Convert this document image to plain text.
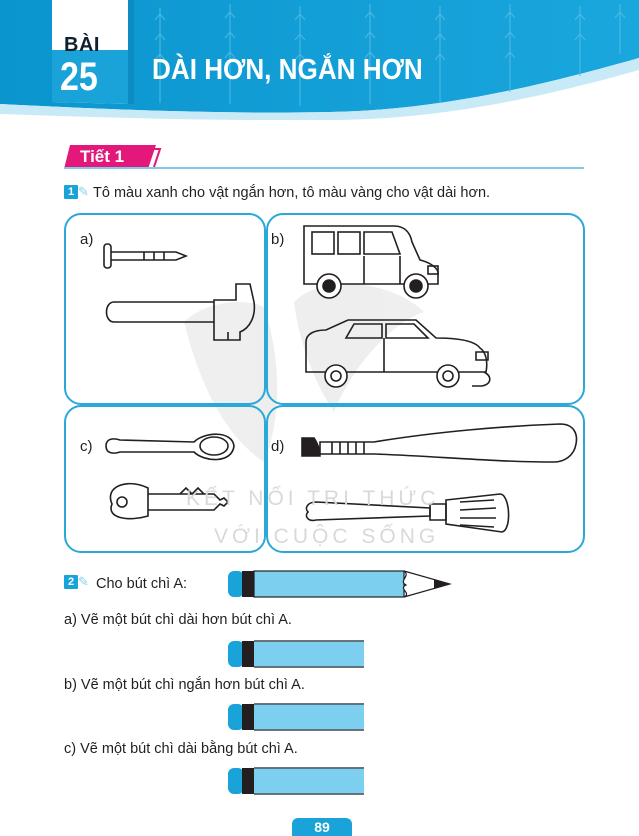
BÀI
25 DÀI HƠN, NGẮN HƠN
Tiết 1
1 ✎ Tô màu xanh cho vật ngắn hơn, tô màu vàng cho vật dài hơn.
a)	b)
c)	d)
KẾT NỐI TRI THỨC
VỚI CUỘC SỐNG
2 ✎ Cho bút chì A:
a) Vẽ một bút chì dài hơn bút chì A.
b) Vẽ một bút chì ngắn hơn bút chì A.
c) Vẽ một bút chì dài bằng bút chì A.
89
